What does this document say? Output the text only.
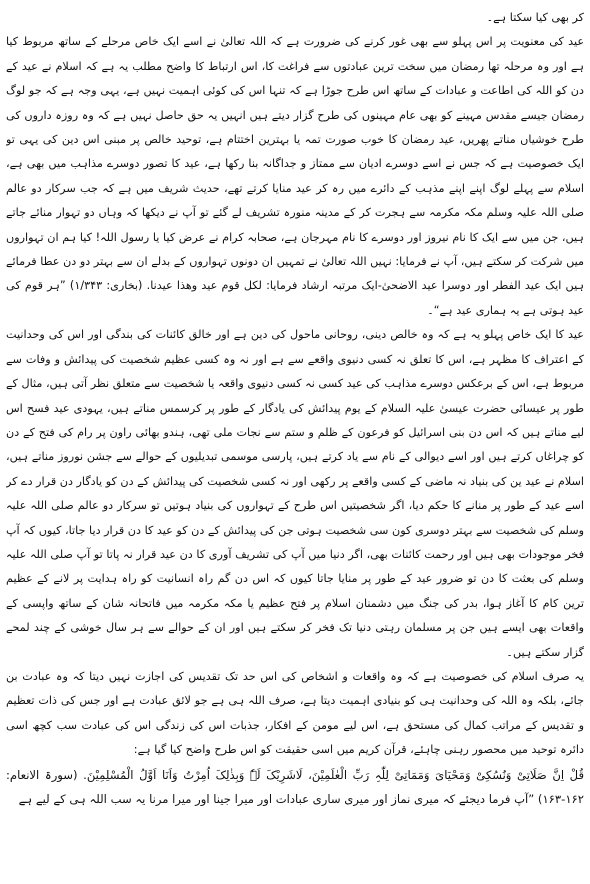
کر بھی کیا سکتا ہے۔

عید کی معنویت پر اس پہلو سے بھی غور کرنے کی ضرورت ہے کہ اللہ تعالیٰ نے اسے ایک خاص مرحلے کے ساتھ مربوط کیا ہے اور وہ مرحلہ تھا رمضان میں سخت ترین عبادتوں سے فراغت کا، اس ارتباط کا واضح مطلب یہ ہے کہ اسلام نے عید کے دن کو اللہ کی اطاعت و عبادات کے ساتھ اس طرح جوڑا ہے کہ تنہا اس کی کوئی اہمیت نہیں ہے، یہی وجہ ہے کہ جو لوگ رمضان جیسے مقدس مہینے کو بھی عام مہینوں کی طرح گزار دیتے ہیں انہیں یہ حق حاصل نہیں ہے کہ وہ روزہ داروں کی طرح خوشیاں مناتے پھریں، عید رمضان کا خوب صورت تمہ یا بہترین اختتام ہے، توحید خالص پر مبنی اس دین کی یہی تو ایک خصوصیت ہے کہ جس نے اسے دوسرے ادیان سے ممتاز و جداگانہ بنا رکھا ہے، عید کا تصور دوسرے مذاہب میں بھی ہے، اسلام سے پہلے لوگ اپنے اپنے مذہب کے دائرے میں رہ کر عید منایا کرتے تھے، حدیث شریف میں ہے کہ جب سرکار دو عالم صلی اللہ علیہ وسلم مکہ مکرمہ سے ہجرت کر کے مدینہ منورہ تشریف لے گئے تو آپ نے دیکھا کہ وہاں دو تہوار منائے جاتے ہیں، جن میں سے ایک کا نام نیروز اور دوسرے کا نام مہرجان ہے، صحابہ کرام نے عرض کیا یا رسول اللہ! کیا ہم ان تہواروں میں شرکت کر سکتے ہیں، آپ نے فرمایا: نہیں اللہ تعالیٰ نے تمہیں ان دونوں تہواروں کے بدلے ان سے بہتر دو دن عطا فرمائے ہیں ایک عید الفطر اور دوسرا عید الاضحیٰ-ایک مرتبہ ارشاد فرمایا: لکل قوم عید وھذا عیدنا. (بخاری: ۱/۳۴۳) ”ہر قوم کی عید ہوتی ہے یہ ہماری عید ہے“۔

عید کا ایک خاص پہلو یہ ہے کہ وہ خالص دینی، روحانی ماحول کی دین ہے اور خالق کائنات کی بندگی اور اس کی وحدانیت کے اعتراف کا مظہر ہے، اس کا تعلق نہ کسی دنیوی واقعے سے ہے اور نہ وہ کسی عظیم شخصیت کی پیدائش و وفات سے مربوط ہے، اس کے برعکس دوسرے مذاہب کی عید کسی نہ کسی دنیوی واقعہ یا شخصیت سے متعلق نظر آتی ہیں، مثال کے طور پر عیسائی حضرت عیسیٰ علیہ السلام کے یوم پیدائش کی یادگار کے طور پر کرسمس مناتے ہیں، یہودی عید فسح اس لیے مناتے ہیں کہ اس دن بنی اسرائیل کو فرعون کے ظلم و ستم سے نجات ملی تھی، ہندو بھائی راون پر رام کی فتح کے دن کو چراغاں کرتے ہیں اور اسے دیوالی کے نام سے یاد کرتے ہیں، پارسی موسمی تبدیلیوں کے حوالے سے جشن نوروز مناتے ہیں، اسلام نے عید ین کی بنیاد نہ ماضی کے کسی واقعے پر رکھی اور نہ کسی شخصیت کی پیدائش کے دن کو یادگار دن قرار دے کر اسے عید کے طور پر منانے کا حکم دیا، اگر شخصیتیں اس طرح کے تہواروں کی بنیاد ہوتیں تو سرکار دو عالم صلی اللہ علیہ وسلم کی شخصیت سے بہتر دوسری کون سی شخصیت ہوتی جن کی پیدائش کے دن کو عید کا دن قرار دیا جاتا، کیوں کہ آپ فخر موجودات بھی ہیں اور رحمت کائنات بھی، اگر دنیا میں آپ کی تشریف آوری کا دن عید قرار نہ پاتا تو آپ صلی اللہ علیہ وسلم کی بعثت کا دن تو ضرور عید کے طور پر منایا جاتا کیوں کہ اس دن گم راہ انسانیت کو راہ ہدایت پر لانے کے عظیم ترین کام کا آغاز ہوا، بدر کی جنگ میں دشمنان اسلام پر فتح عظیم یا مکہ مکرمہ میں فاتحانہ شان کے ساتھ واپسی کے واقعات بھی ایسے ہیں جن پر مسلمان رہتی دنیا تک فخر کر سکتے ہیں اور ان کے حوالے سے ہر سال خوشی کے چند لمحے گزار سکتے ہیں۔

یہ صرف اسلام کی خصوصیت ہے کہ وہ واقعات و اشخاص کی اس حد تک تقدیس کی اجازت نہیں دیتا کہ وہ عبادت بن جائے، بلکہ وہ اللہ کی وحدانیت ہی کو بنیادی اہمیت دیتا ہے، صرف اللہ ہی ہے جو لائق عبادت ہے اور جس کی ذات تعظیم و تقدیس کے مراتب کمال کی مستحق ہے، اس لیے مومن کے افکار، جذبات اس کی زندگی اس کی عبادت سب کچھ اسی دائرہ توحید میں محصور رہنی چاہئے، قرآن کریم میں اسی حقیقت کو اس طرح واضح کیا گیا ہے:

قُلْ اِنَّ صَلَاتِیْ وَنُسُکِیْ وَمَحْیَایَ وَمَمَاتِیْ لِلّٰہِ رَبِّ الْعٰلَمِیْنَ، لَاشَرِیْکَ لَہٗ وَبِذٰلِکَ اُمِرْتُ وَاَنَا اَوَّلُ الْمُسْلِمِیْنَ. (سورۃ الانعام: ۱۶۲-۱۶۳) ”آپ فرما دیجئے کہ میری نماز اور میری ساری عبادات اور میرا جینا اور میرا مرنا یہ سب اللہ ہی کے لیے ہے
